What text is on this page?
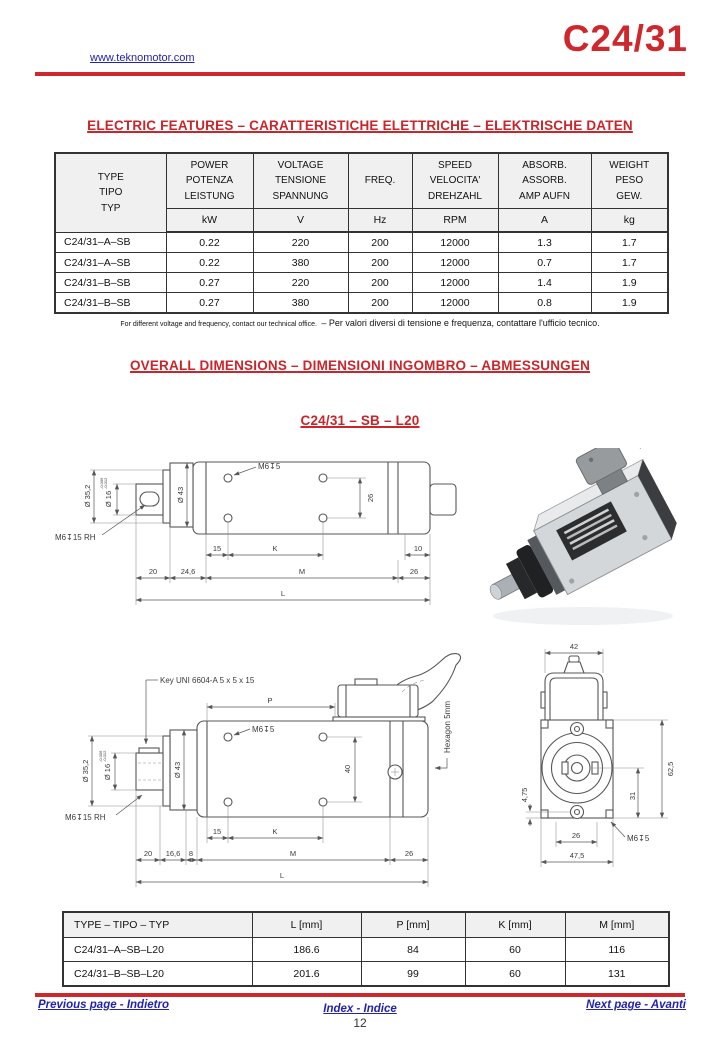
www.teknomotor.com	C24/31
ELECTRIC FEATURES – CARATTERISTICHE ELETTRICHE – ELEKTRISCHE DATEN
TYPE
TIPO
TYP

POWER
POTENZA
LEISTUNG

VOLTAGE
TENSIONE
SPANNUNG
	FREQ.	
SPEED
VELOCITA'
DREHZAHL

ABSORB.
ASSORB.
AMP AUFN

WEIGHT
PESO
GEW.

	kW	V	Hz	RPM	A	kg
C24/31–A–SB	0.22	220	200	12000	1.3	1.7
C24/31–A–SB	0.22	380	200	12000	0.7	1.7
C24/31–B–SB	0.27	220	200	12000	1.4	1.9
C24/31–B–SB	0.27	380	200	12000	0.8	1.9
For different voltage and frequency, contact our technical office. – Per valori diversi di tensione e frequenza, contattare l'ufficio tecnico.
OVERALL DIMENSIONS – DIMENSIONI INGOMBRO – ABMESSUNGEN
C24/31 – SB – L20
M6↧5
M6↧15 RH
Ø 35,2 Ø 16
-0.006 -0.012
Ø 43	26
15	K	10
20	24,6	M	26
L
Key UNI 6604-A 5 x 5 x 15
P
M6↧5
40
Hexagon 5mm
Ø 35,2 Ø 16
-0.006 -0.012
Ø 43
M6↧15 RH
15	K
20 16,6 8	M	26
L
42
62,5
31
4,75
26
47,5
M6↧5
TYPE – TIPO – TYP	L [mm]	P [mm]	K [mm]	M [mm]
C24/31–A–SB–L20	186.6	84	60	116
C24/31–B–SB–L20	201.6	99	60	131
Previous page - Indietro	Index - Indice	Next page - Avanti
12
